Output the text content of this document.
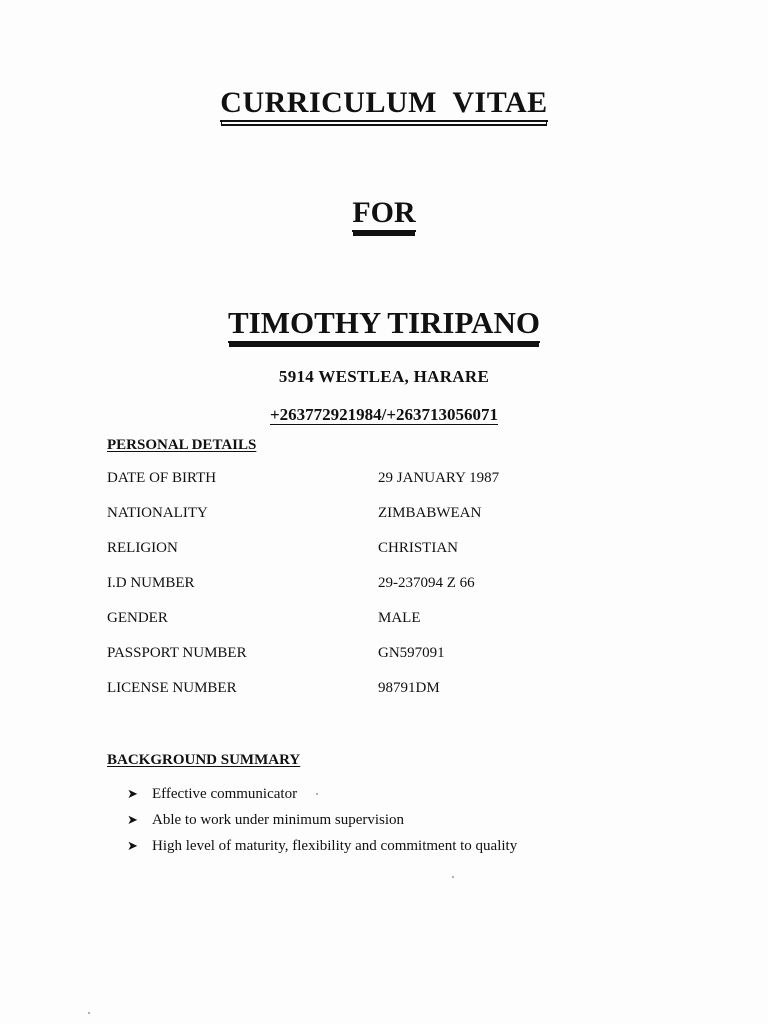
CURRICULUM  VITAE
FOR
TIMOTHY TIRIPANO
5914 WESTLEA, HARARE
+263772921984/+263713056071
PERSONAL DETAILS
DATE OF BIRTH	29 JANUARY 1987
NATIONALITY	ZIMBABWEAN
RELIGION	CHRISTIAN
I.D NUMBER	29-237094 Z 66
GENDER	MALE
PASSPORT NUMBER	GN597091
LICENSE NUMBER	98791DM
BACKGROUND SUMMARY
➤ Effective communicator
➤ Able to work under minimum supervision
➤ High level of maturity, flexibility and commitment to quality
